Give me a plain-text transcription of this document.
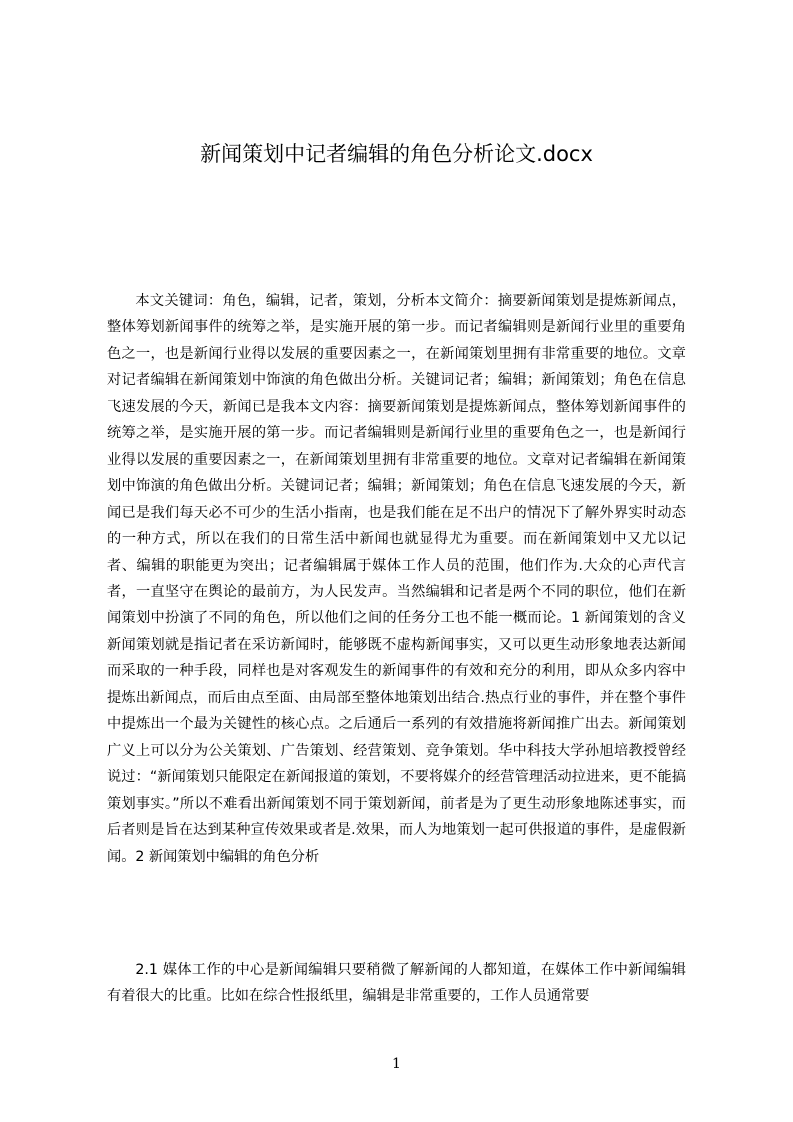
新闻策划中记者编辑的角色分析论文.docx

本文关键词：角色，编辑，记者，策划，分析本文简介：摘要新闻策划是提炼新闻点，整体筹划新闻事件的统筹之举，是实施开展的第一步。而记者编辑则是新闻行业里的重要角色之一，也是新闻行业得以发展的重要因素之一，在新闻策划里拥有非常重要的地位。文章对记者编辑在新闻策划中饰演的角色做出分析。关键词记者；编辑；新闻策划；角色在信息飞速发展的今天，新闻已是我本文内容：摘要新闻策划是提炼新闻点，整体筹划新闻事件的统筹之举，是实施开展的第一步。而记者编辑则是新闻行业里的重要角色之一，也是新闻行业得以发展的重要因素之一，在新闻策划里拥有非常重要的地位。文章对记者编辑在新闻策划中饰演的角色做出分析。关键词记者；编辑；新闻策划；角色在信息飞速发展的今天，新闻已是我们每天必不可少的生活小指南，也是我们能在足不出户的情况下了解外界实时动态的一种方式，所以在我们的日常生活中新闻也就显得尤为重要。而在新闻策划中又尤以记者、编辑的职能更为突出；记者编辑属于媒体工作人员的范围，他们作为.大众的心声代言者，一直坚守在舆论的最前方，为人民发声。当然编辑和记者是两个不同的职位，他们在新闻策划中扮演了不同的角色，所以他们之间的任务分工也不能一概而论。1 新闻策划的含义新闻策划就是指记者在采访新闻时，能够既不虚构新闻事实，又可以更生动形象地表达新闻而采取的一种手段，同样也是对客观发生的新闻事件的有效和充分的利用，即从众多内容中提炼出新闻点，而后由点至面、由局部至整体地策划出结合.热点行业的事件，并在整个事件中提炼出一个最为关键性的核心点。之后通后一系列的有效措施将新闻推广出去。新闻策划广义上可以分为公关策划、广告策划、经营策划、竞争策划。华中科技大学孙旭培教授曾经说过：“新闻策划只能限定在新闻报道的策划，不要将媒介的经营管理活动拉进来，更不能搞策划事实。”所以不难看出新闻策划不同于策划新闻，前者是为了更生动形象地陈述事实，而后者则是旨在达到某种宣传效果或者是.效果，而人为地策划一起可供报道的事件，是虚假新闻。2 新闻策划中编辑的角色分析

2.1 媒体工作的中心是新闻编辑只要稍微了解新闻的人都知道，在媒体工作中新闻编辑有着很大的比重。比如在综合性报纸里，编辑是非常重要的，工作人员通常要

1
